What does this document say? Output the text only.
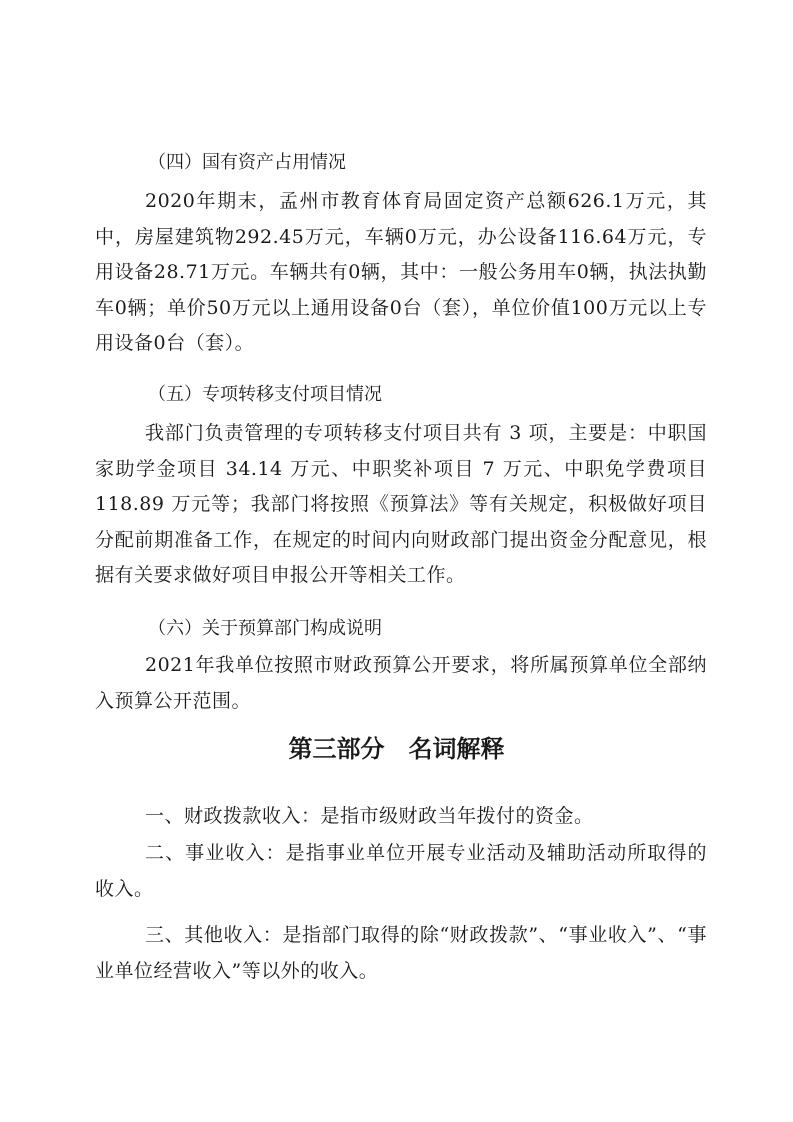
（四）国有资产占用情况
2020年期末，孟州市教育体育局固定资产总额626.1万元，其中，房屋建筑物292.45万元，车辆0万元，办公设备116.64万元，专用设备28.71万元。车辆共有0辆，其中：一般公务用车0辆，执法执勤车0辆；单价50万元以上通用设备0台（套），单位价值100万元以上专用设备0台（套）。
（五）专项转移支付项目情况
我部门负责管理的专项转移支付项目共有 3 项，主要是：中职国家助学金项目 34.14 万元、中职奖补项目 7 万元、中职免学费项目 118.89 万元等；我部门将按照《预算法》等有关规定，积极做好项目分配前期准备工作，在规定的时间内向财政部门提出资金分配意见，根据有关要求做好项目申报公开等相关工作。
（六）关于预算部门构成说明
2021年我单位按照市财政预算公开要求，将所属预算单位全部纳入预算公开范围。
第三部分　名词解释
一、财政拨款收入：是指市级财政当年拨付的资金。
二、事业收入：是指事业单位开展专业活动及辅助活动所取得的收入。
三、其他收入：是指部门取得的除“财政拨款”、“事业收入”、“事业单位经营收入”等以外的收入。
